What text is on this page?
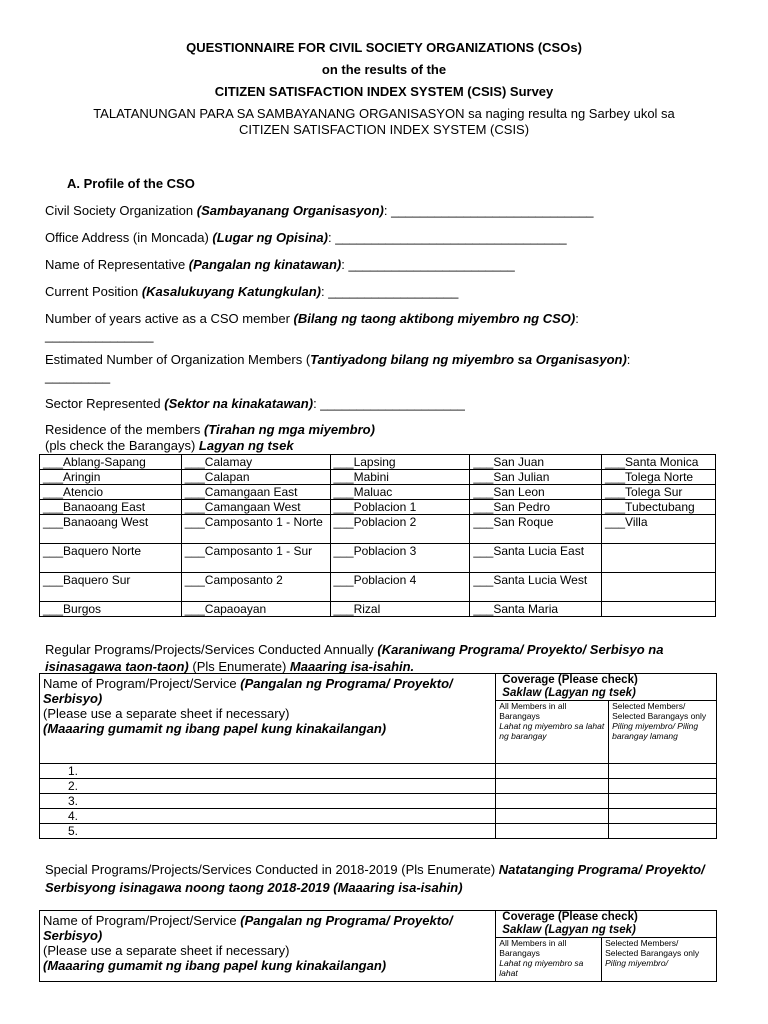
QUESTIONNAIRE FOR CIVIL SOCIETY ORGANIZATIONS (CSOs)
on the results of the
CITIZEN SATISFACTION INDEX SYSTEM (CSIS) Survey
TALATANUNGAN PARA SA SAMBAYANANG ORGANISASYON sa naging resulta ng Sarbey ukol sa
CITIZEN SATISFACTION INDEX SYSTEM (CSIS)
A. Profile of the CSO
Civil Society Organization (Sambayanang Organisasyon): ____________________________
Office Address (in Moncada) (Lugar ng Opisina): ________________________________
Name of Representative (Pangalan ng kinatawan): _______________________
Current Position (Kasalukuyang Katungkulan): __________________
Number of years active as a CSO member (Bilang ng taong aktibong miyembro ng CSO):
_______________
Estimated Number of Organization Members (Tantiyadong bilang ng miyembro sa Organisasyon):
_________
Sector Represented (Sektor na kinakatawan): ____________________
Residence of the members (Tirahan ng mga miyembro)
(pls check the Barangays) Lagyan ng tsek
___Ablang-Sapang	___Calamay	___Lapsing	___San Juan	___Santa Monica
___Aringin	___Calapan	___Mabini	___San Julian	___Tolega Norte
___Atencio	___Camangaan East	___Maluac	___San Leon	___Tolega Sur
___Banaoang East	___Camangaan West	___Poblacion 1	___San Pedro	___Tubectubang
___Banaoang West	___Camposanto 1 - Norte	___Poblacion 2	___San Roque	___Villa
___Baquero Norte	___Camposanto 1 - Sur	___Poblacion 3	___Santa Lucia East	
___Baquero Sur	___Camposanto 2	___Poblacion 4	___Santa Lucia West	
___Burgos	___Capaoayan	___Rizal	___Santa Maria	
Regular Programs/Projects/Services Conducted Annually (Karaniwang Programa/ Proyekto/ Serbisyo na isinasagawa taon-taon) (Pls Enumerate) Maaaring isa-isahin.
Name of Program/Project/Service (Pangalan ng Programa/ Proyekto/ Serbisyo)
(Please use a separate sheet if necessary)
(Maaaring gumamit ng ibang papel kung kinakailangan)	Coverage (Please check)
Saklaw (Lagyan ng tsek)	
	All Members in all Barangays
Lahat ng miyembro sa lahat ng barangay	Selected Members/ Selected Barangays only
Piling miyembro/ Piling barangay lamang
1.		
2.		
3.		
4.		
5.		
Special Programs/Projects/Services Conducted in 2018-2019 (Pls Enumerate) Natatanging Programa/ Proyekto/ Serbisyong isinagawa noong taong 2018-2019 (Maaaring isa-isahin)
Name of Program/Project/Service (Pangalan ng Programa/ Proyekto/ Serbisyo)
(Please use a separate sheet if necessary)
(Maaaring gumamit ng ibang papel kung kinakailangan)	Coverage (Please check)
Saklaw (Lagyan ng tsek)	
	All Members in all Barangays
Lahat ng miyembro sa lahat	Selected Members/ Selected Barangays only
Piling miyembro/
